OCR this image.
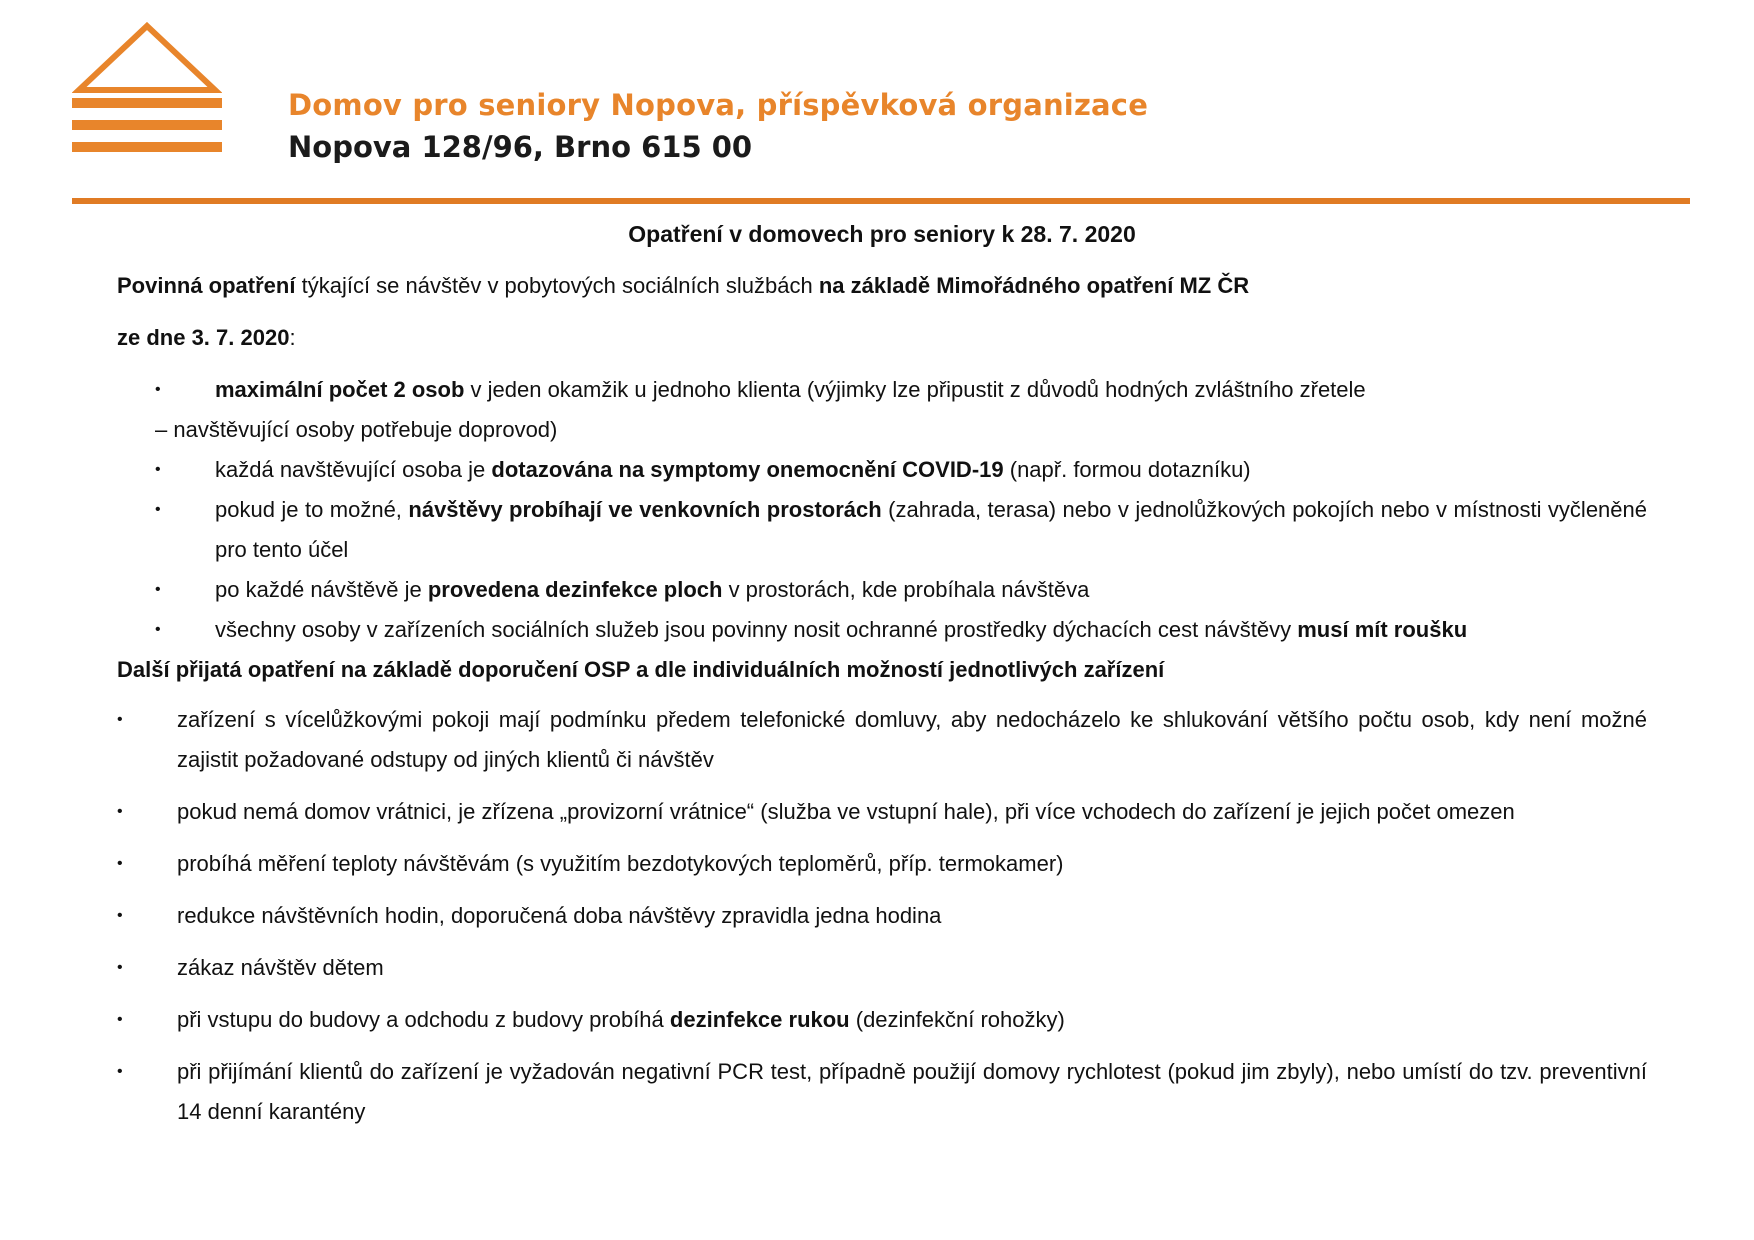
Domov pro seniory Nopova, příspěvková organizace
Nopova 128/96, Brno 615 00

Opatření v domovech pro seniory k 28. 7. 2020

Povinná opatření týkající se návštěv v pobytových sociálních službách na základě Mimořádného opatření MZ ČR

ze dne 3. 7. 2020:

• maximální počet 2 osob v jeden okamžik u jednoho klienta (výjimky lze připustit z důvodů hodných zvláštního zřetele

– navštěvující osoby potřebuje doprovod)

• každá navštěvující osoba je dotazována na symptomy onemocnění COVID-19 (např. formou dotazníku)
• pokud je to možné, návštěvy probíhají ve venkovních prostorách (zahrada, terasa) nebo v jednolůžkových pokojích nebo v místnosti vyčleněné pro tento účel
• po každé návštěvě je provedena dezinfekce ploch v prostorách, kde probíhala návštěva
• všechny osoby v zařízeních sociálních služeb jsou povinny nosit ochranné prostředky dýchacích cest návštěvy musí mít roušku

Další přijatá opatření na základě doporučení OSP a dle individuálních možností jednotlivých zařízení

• zařízení s vícelůžkovými pokoji mají podmínku předem telefonické domluvy, aby nedocházelo ke shlukování většího počtu osob, kdy není možné zajistit požadované odstupy od jiných klientů či návštěv
• pokud nemá domov vrátnici, je zřízena „provizorní vrátnice“ (služba ve vstupní hale), při více vchodech do zařízení je jejich počet omezen
• probíhá měření teploty návštěvám (s využitím bezdotykových teploměrů, příp. termokamer)
• redukce návštěvních hodin, doporučená doba návštěvy zpravidla jedna hodina
• zákaz návštěv dětem
• při vstupu do budovy a odchodu z budovy probíhá dezinfekce rukou (dezinfekční rohožky)
• při přijímání klientů do zařízení je vyžadován negativní PCR test, případně použijí domovy rychlotest (pokud jim zbyly), nebo umístí do tzv. preventivní 14 denní karantény
